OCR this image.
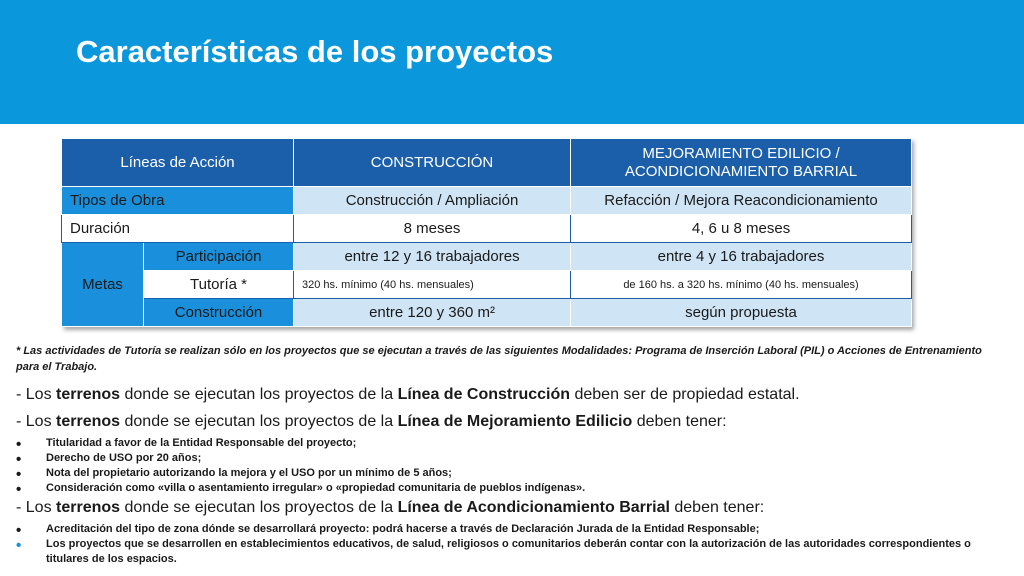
Características de los proyectos
Líneas de Acción		CONSTRUCCIÓN	MEJORAMIENTO EDILICIO /
ACONDICIONAMIENTO BARRIAL
Tipos de Obra		Construcción / Ampliación	Refacción / Mejora Reacondicionamiento
Duración		8 meses	4, 6 u 8 meses
Metas	Participación	entre 12 y 16 trabajadores	entre 4 y 16 trabajadores
	Tutoría *	320 hs. mínimo (40 hs. mensuales)	de 160 hs. a 320 hs. mínimo (40 hs. mensuales)
	Construcción	entre 120 y 360 m²	según propuesta
* Las actividades de Tutoría se realizan sólo en los proyectos que se ejecutan a través de las siguientes Modalidades: Programa de Inserción Laboral (PIL) o Acciones de Entrenamiento para el Trabajo.
- Los terrenos donde se ejecutan los proyectos de la Línea de Construcción deben ser de propiedad estatal.
- Los terrenos donde se ejecutan los proyectos de la Línea de Mejoramiento Edilicio deben tener:
• Titularidad a favor de la Entidad Responsable del proyecto;
• Derecho de USO por 20 años;
• Nota del propietario autorizando la mejora y el USO por un mínimo de 5 años;
• Consideración como «villa o asentamiento irregular» o «propiedad comunitaria de pueblos indígenas».
- Los terrenos donde se ejecutan los proyectos de la Línea de Acondicionamiento Barrial deben tener:
• Acreditación del tipo de zona dónde se desarrollará proyecto: podrá hacerse a través de Declaración Jurada de la Entidad Responsable;
• Los proyectos que se desarrollen en establecimientos educativos, de salud, religiosos o comunitarios deberán contar con la autorización de las autoridades correspondientes o titulares de los espacios.
